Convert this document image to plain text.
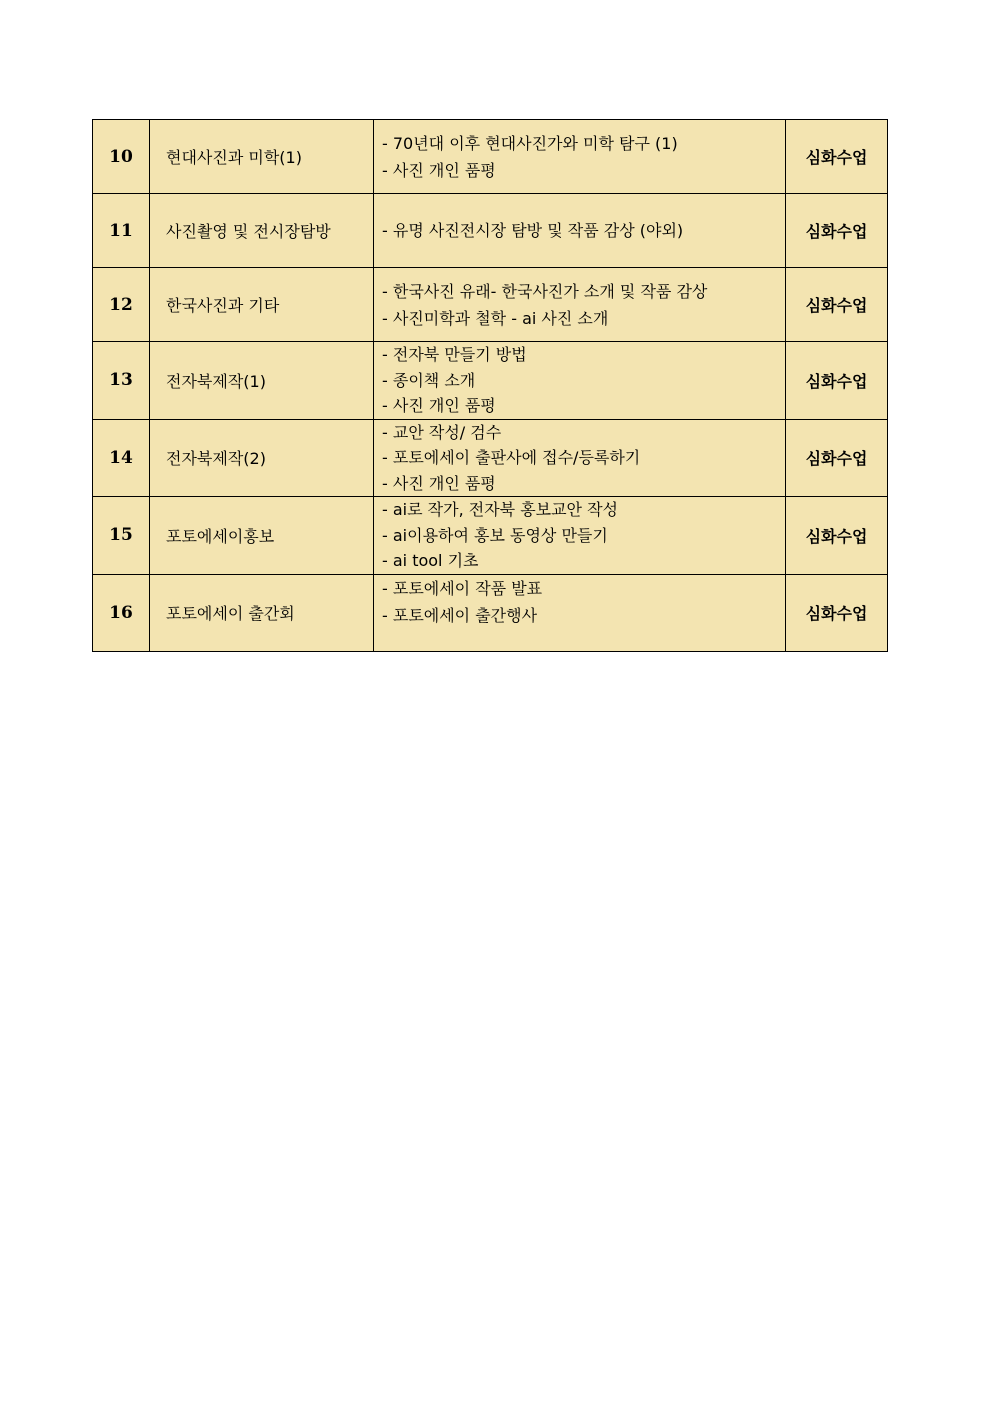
10	현대사진과 미학(1)	- 70년대 이후 현대사진가와 미학 탐구 (1)
- 사진 개인 품평	심화수업
11	사진촬영 및 전시장탐방	- 유명 사진전시장 탐방 및 작품 감상 (야외)	심화수업
12	한국사진과 기타	- 한국사진 유래- 한국사진가 소개 및 작품 감상
- 사진미학과 철학 - ai 사진 소개	심화수업
13	전자북제작(1)	- 전자북 만들기 방법
- 종이책 소개
- 사진 개인 품평	심화수업
14	전자북제작(2)	- 교안 작성/ 검수
- 포토에세이 출판사에 접수/등록하기
- 사진 개인 품평	심화수업
15	포토에세이홍보	- ai로 작가, 전자북 홍보교안 작성
- ai이용하여 홍보 동영상 만들기
- ai tool 기초	심화수업
16	포토에세이 출간회	- 포토에세이 작품 발표
- 포토에세이 출간행사	심화수업
